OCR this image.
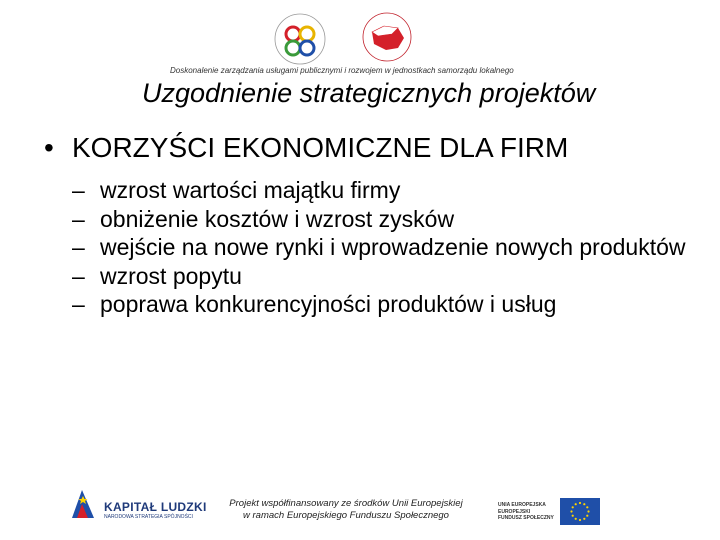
Doskonalenie zarządzania usługami publicznymi i rozwojem w jednostkach samorządu lokalnego
Uzgodnienie strategicznych projektów
• KORZYŚCI EKONOMICZNE DLA FIRM
– wzrost wartości majątku firmy
– obniżenie kosztów i wzrost zysków
– wejście na nowe rynki i wprowadzenie nowych produktów
– wzrost popytu
– poprawa konkurencyjności produktów i usług
KAPITAŁ LUDZKI
NARODOWA STRATEGIA SPÓJNOŚCI
Projekt współfinansowany ze środków Unii Europejskiej
w ramach Europejskiego Funduszu Społecznego
UNIA EUROPEJSKA
EUROPEJSKI
FUNDUSZ SPOŁECZNY
